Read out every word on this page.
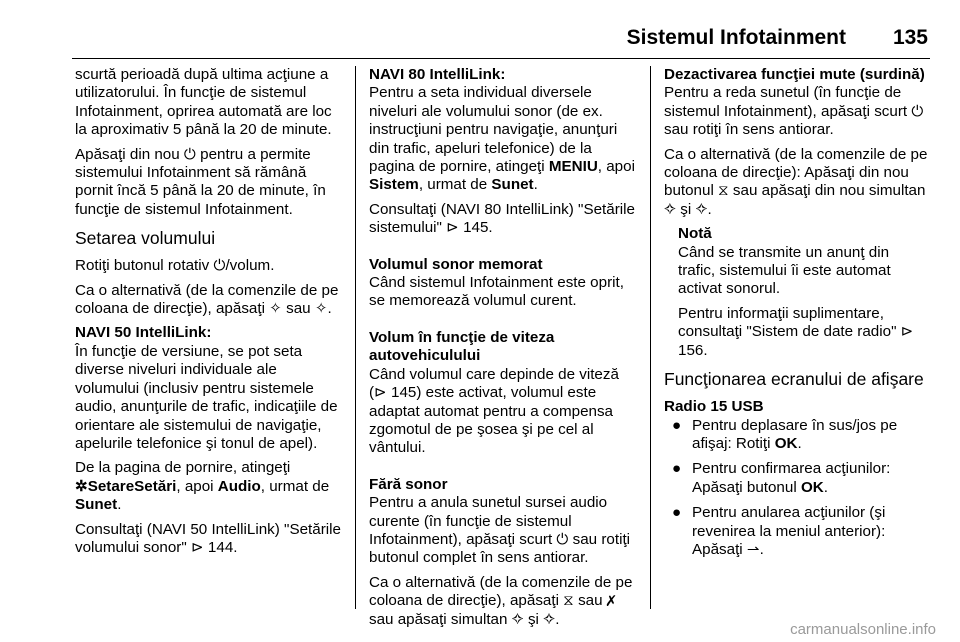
Sistemul Infotainment 135

scurtă perioadă după ultima acţiune a utilizatorului. În funcţie de sistemul Infotainment, oprirea automată are loc la aproximativ 5 până la 20 de minute.

Apăsaţi din nou ⏻ pentru a permite sistemului Infotainment să rămână pornit încă 5 până la 20 de minute, în funcţie de sistemul Infotainment.

Setarea volumului

Rotiţi butonul rotativ ⏻/volum.

Ca o alternativă (de la comenzile de pe coloana de direcţie), apăsaţi ✧ sau ✧.

NAVI 50 IntelliLink:

În funcţie de versiune, se pot seta diverse niveluri individuale ale volumului (inclusiv pentru sistemele audio, anunţurile de trafic, indicaţiile de orientare ale sistemului de navigaţie, apelurile telefonice şi tonul de apel).

De la pagina de pornire, atingeţi ✲SetareSetări, apoi Audio, urmat de Sunet.

Consultaţi (NAVI 50 IntelliLink) "Setările volumului sonor" ⊳ 144.

NAVI 80 IntelliLink:

Pentru a seta individual diversele niveluri ale volumului sonor (de ex. instrucţiuni pentru navigaţie, anunţuri din trafic, apeluri telefonice) de la pagina de pornire, atingeţi MENIU, apoi Sistem, urmat de Sunet.

Consultaţi (NAVI 80 IntelliLink) "Setările sistemului" ⊳ 145.

Volumul sonor memorat

Când sistemul Infotainment este oprit, se memorează volumul curent.

Volum în funcţie de viteza autovehiculului

Când volumul care depinde de viteză (⊳ 145) este activat, volumul este adaptat automat pentru a compensa zgomotul de pe şosea şi pe cel al vântului.

Fără sonor

Pentru a anula sunetul sursei audio curente (în funcţie de sistemul Infotainment), apăsaţi scurt ⏻ sau rotiţi butonul complet în sens antiorar.

Ca o alternativă (de la comenzile de pe coloana de direcţie), apăsaţi ⧖ sau ✗ sau apăsaţi simultan ✧ şi ✧.

Dezactivarea funcţiei mute (surdină)

Pentru a reda sunetul (în funcţie de sistemul Infotainment), apăsaţi scurt ⏻ sau rotiţi în sens antiorar.

Ca o alternativă (de la comenzile de pe coloana de direcţie): Apăsaţi din nou butonul ⧖ sau apăsaţi din nou simultan ✧ şi ✧.

Notă

Când se transmite un anunţ din trafic, sistemului îi este automat activat sonorul.

Pentru informaţii suplimentare, consultaţi "Sistem de date radio" ⊳ 156.

Funcţionarea ecranului de afişare
Radio 15 USB
● Pentru deplasare în sus/jos pe afişaj: Rotiţi OK.
● Pentru confirmarea acţiunilor: Apăsaţi butonul OK.
● Pentru anularea acţiunilor (şi revenirea la meniul anterior): Apăsaţi ⇀.
carmanualsonline.info
